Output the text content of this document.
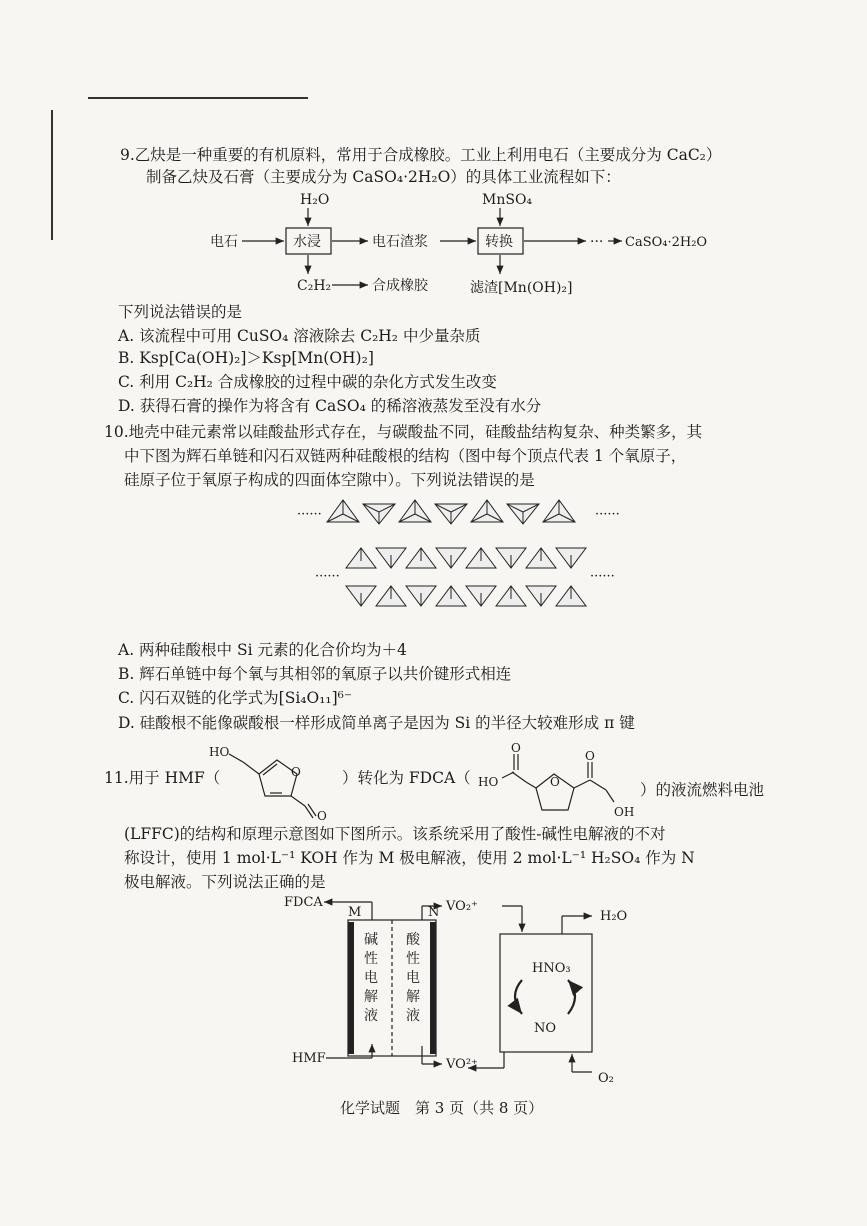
9.乙炔是一种重要的有机原料，常用于合成橡胶。工业上利用电石（主要成分为 CaC₂）
制备乙炔及石膏（主要成分为 CaSO₄·2H₂O）的具体工业流程如下：
H₂O	MnSO₄
电石	水浸	电石渣浆	转换	··· CaSO₄·2H₂O
C₂H₂	合成橡胶	滤渣[Mn(OH)₂]
下列说法错误的是
A. 该流程中可用 CuSO₄ 溶液除去 C₂H₂ 中少量杂质
B. Ksp[Ca(OH)₂]＞Ksp[Mn(OH)₂]
C. 利用 C₂H₂ 合成橡胶的过程中碳的杂化方式发生改变
D. 获得石膏的操作为将含有 CaSO₄ 的稀溶液蒸发至没有水分
10.地壳中硅元素常以硅酸盐形式存在，与碳酸盐不同，硅酸盐结构复杂、种类繁多，其
中下图为辉石单链和闪石双链两种硅酸根的结构（图中每个顶点代表 1 个氧原子，
硅原子位于氧原子构成的四面体空隙中）。下列说法错误的是
······	······
······	······
A. 两种硅酸根中 Si 元素的化合价均为＋4
B. 辉石单链中每个氧与其相邻的氧原子以共价键形式相连
C. 闪石双链的化学式为[Si₄O₁₁]⁶⁻
D. 硅酸根不能像碳酸根一样形成简单离子是因为 Si 的半径大较难形成 π 键
11.用于 HMF（
HO
O
O
）转化为 FDCA（
O
HO	O
O
OH
）的液流燃料电池
(LFFC)的结构和原理示意图如下图所示。该系统采用了酸性-碱性电解液的不对
称设计，使用 1 mol·L⁻¹ KOH 作为 M 极电解液，使用 2 mol·L⁻¹ H₂SO₄ 作为 N
极电解液。下列说法正确的是
FDCA
M	N VO₂⁺
H₂O
HNO₃
NO
HMF	VO²⁺
O₂
碱性电解液
酸性电解液
化学试题　第 3 页（共 8 页）
